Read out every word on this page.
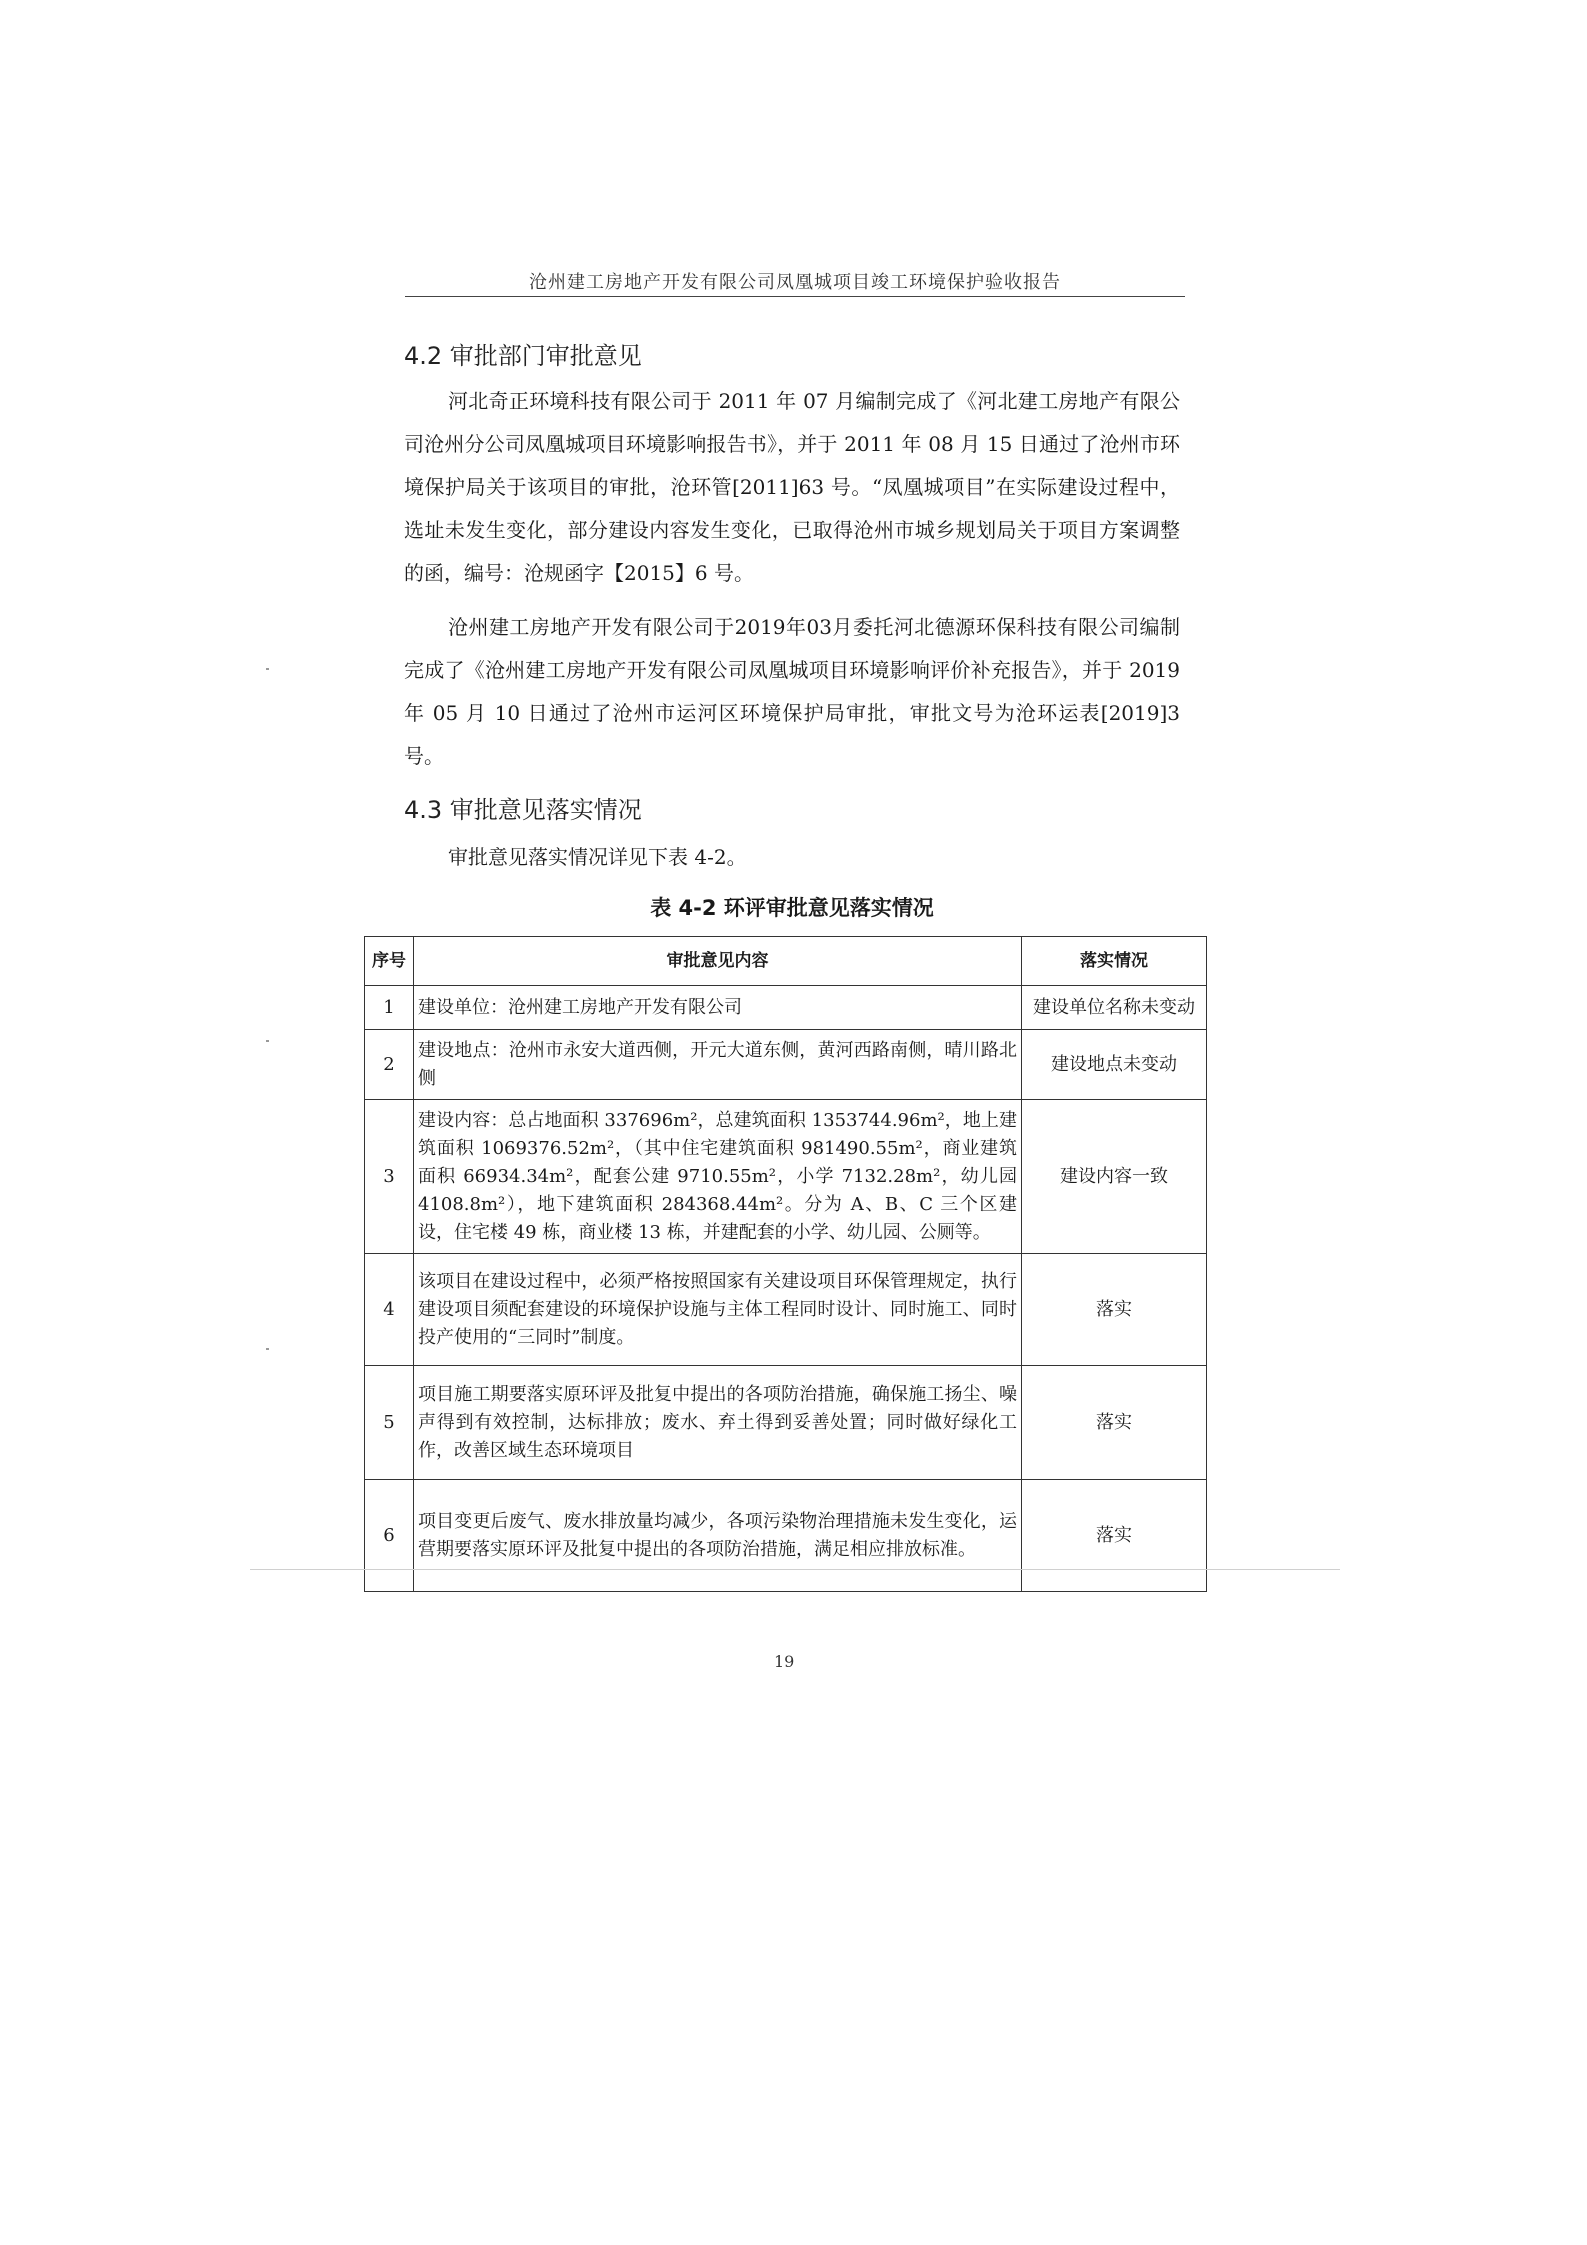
沧州建工房地产开发有限公司凤凰城项目竣工环境保护验收报告
4.2 审批部门审批意见

河北奇正环境科技有限公司于 2011 年 07 月编制完成了《河北建工房地产有限公司沧州分公司凤凰城项目环境影响报告书》，并于 2011 年 08 月 15 日通过了沧州市环境保护局关于该项目的审批，沧环管[2011]63 号。“凤凰城项目”在实际建设过程中，选址未发生变化，部分建设内容发生变化，已取得沧州市城乡规划局关于项目方案调整的函，编号：沧规函字【2015】6 号。

沧州建工房地产开发有限公司于2019年03月委托河北德源环保科技有限公司编制完成了《沧州建工房地产开发有限公司凤凰城项目环境影响评价补充报告》，并于 2019 年 05 月 10 日通过了沧州市运河区环境保护局审批，审批文号为沧环运表[2019]3 号。

4.3 审批意见落实情况

审批意见落实情况详见下表 4-2。

表 4-2 环评审批意见落实情况
序号	审批意见内容	落实情况
1	建设单位：沧州建工房地产开发有限公司	建设单位名称未变动
2	建设地点：沧州市永安大道西侧，开元大道东侧，黄河西路南侧，晴川路北侧	建设地点未变动
3	建设内容：总占地面积 337696m²，总建筑面积 1353744.96m²，地上建筑面积 1069376.52m²，（其中住宅建筑面积 981490.55m²，商业建筑面积 66934.34m²，配套公建 9710.55m²，小学 7132.28m²，幼儿园 4108.8m²），地下建筑面积 284368.44m²。分为 A、B、C 三个区建设，住宅楼 49 栋，商业楼 13 栋，并建配套的小学、幼儿园、公厕等。	建设内容一致
4	该项目在建设过程中，必须严格按照国家有关建设项目环保管理规定，执行建设项目须配套建设的环境保护设施与主体工程同时设计、同时施工、同时投产使用的“三同时”制度。	落实
5	项目施工期要落实原环评及批复中提出的各项防治措施，确保施工扬尘、噪声得到有效控制，达标排放；废水、弃土得到妥善处置；同时做好绿化工作，改善区域生态环境项目	落实
6	项目变更后废气、废水排放量均减少，各项污染物治理措施未发生变化，运营期要落实原环评及批复中提出的各项防治措施，满足相应排放标准。	落实
19
